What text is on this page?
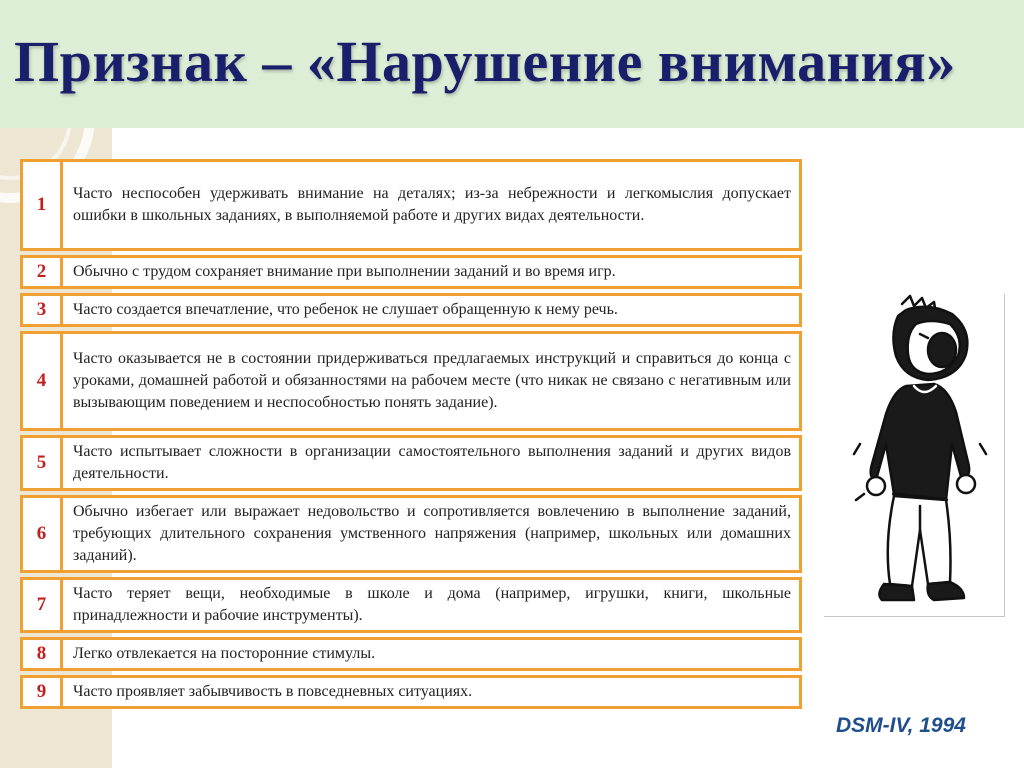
Признак – «Нарушение внимания»
1	Часто неспособен удерживать внимание на деталях; из-за небрежности и легкомыслия допускает ошибки в школьных заданиях, в выполняемой работе и других видах деятельности.
2	Обычно с трудом сохраняет внимание при выполнении заданий и во время игр.
3	Часто создается впечатление, что ребенок не слушает обращенную к нему речь.
4	Часто оказывается не в состоянии придерживаться предлагаемых инструкций и справиться до конца с уроками, домашней работой и обязанностями на рабочем месте (что никак не связано с негативным или вызывающим поведением и неспособностью понять задание).
5	Часто испытывает сложности в организации самостоятельного выполнения заданий и других видов деятельности.
6	Обычно избегает или выражает недовольство и сопротивляется вовлечению в выполнение заданий, требующих длительного сохранения умственного напряжения (например, школьных или домашних заданий).
7	Часто теряет вещи, необходимые в школе и дома (например, игрушки, книги, школьные принадлежности и рабочие инструменты).
8	Легко отвлекается на посторонние стимулы.
9	Часто проявляет забывчивость в повседневных ситуациях.
DSM-IV, 1994
